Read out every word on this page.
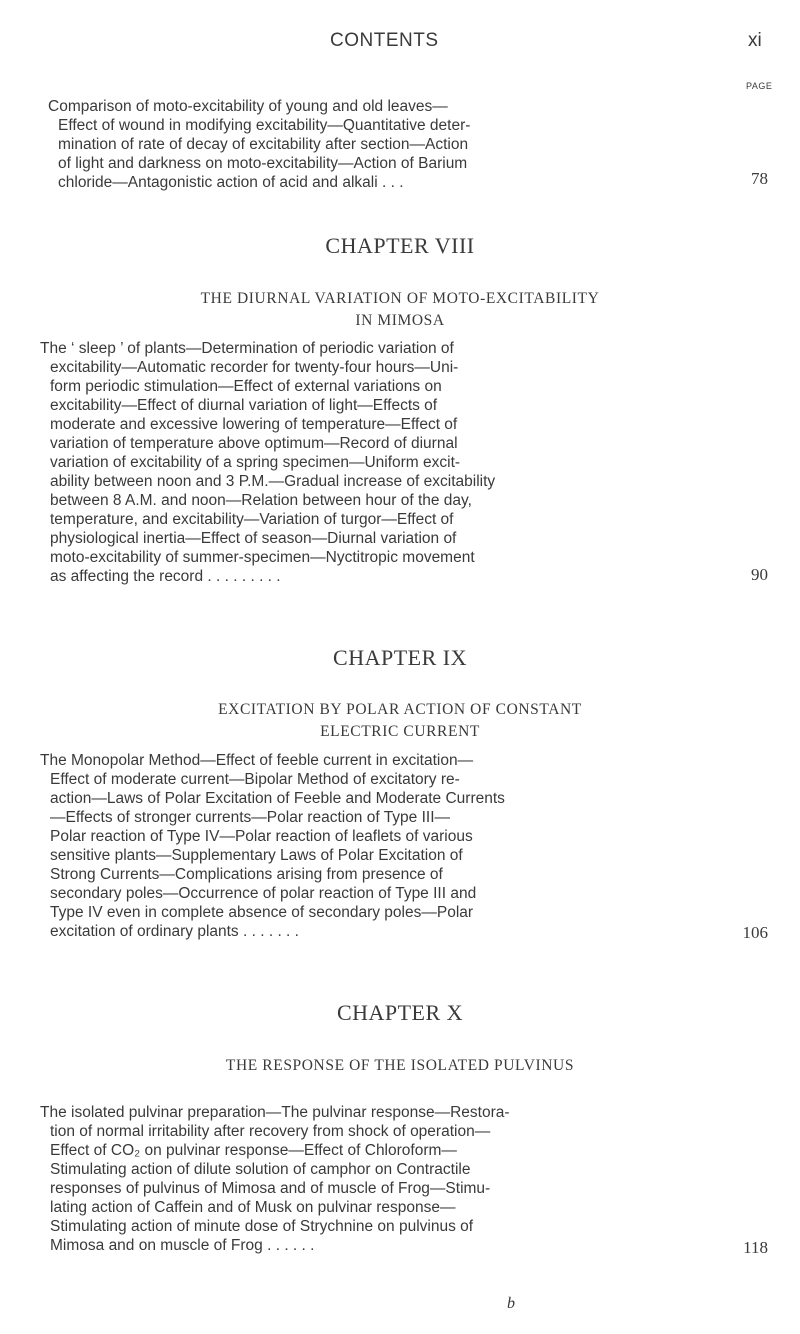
CONTENTS	xi
PAGE
Comparison of moto-excitability of young and old leaves—
Effect of wound in modifying excitability—Quantitative deter-
mination of rate of decay of excitability after section—Action
of light and darkness on moto-excitability—Action of Barium
chloride—Antagonistic action of acid and alkali . . .	78
CHAPTER VIII
THE DIURNAL VARIATION OF MOTO-EXCITABILITY
IN MIMOSA
The ‘ sleep ’ of plants—Determination of periodic variation of
excitability—Automatic recorder for twenty-four hours—Uni-
form periodic stimulation—Effect of external variations on
excitability—Effect of diurnal variation of light—Effects of
moderate and excessive lowering of temperature—Effect of
variation of temperature above optimum—Record of diurnal
variation of excitability of a spring specimen—Uniform excit-
ability between noon and 3 P.M.—Gradual increase of excitability
between 8 A.M. and noon—Relation between hour of the day,
temperature, and excitability—Variation of turgor—Effect of
physiological inertia—Effect of season—Diurnal variation of
moto-excitability of summer-specimen—Nyctitropic movement
as affecting the record . . . . . . . . .	90
CHAPTER IX
EXCITATION BY POLAR ACTION OF CONSTANT
ELECTRIC CURRENT
The Monopolar Method—Effect of feeble current in excitation—
Effect of moderate current—Bipolar Method of excitatory re-
action—Laws of Polar Excitation of Feeble and Moderate Currents
—Effects of stronger currents—Polar reaction of Type III—
Polar reaction of Type IV—Polar reaction of leaflets of various
sensitive plants—Supplementary Laws of Polar Excitation of
Strong Currents—Complications arising from presence of
secondary poles—Occurrence of polar reaction of Type III and
Type IV even in complete absence of secondary poles—Polar
excitation of ordinary plants . . . . . . .	106
CHAPTER X
THE RESPONSE OF THE ISOLATED PULVINUS
The isolated pulvinar preparation—The pulvinar response—Restora-
tion of normal irritability after recovery from shock of operation—
Effect of CO₂ on pulvinar response—Effect of Chloroform—
Stimulating action of dilute solution of camphor on Contractile
responses of pulvinus of Mimosa and of muscle of Frog—Stimu-
lating action of Caffein and of Musk on pulvinar response—
Stimulating action of minute dose of Strychnine on pulvinus of
Mimosa and on muscle of Frog . . . . . .	118
b
